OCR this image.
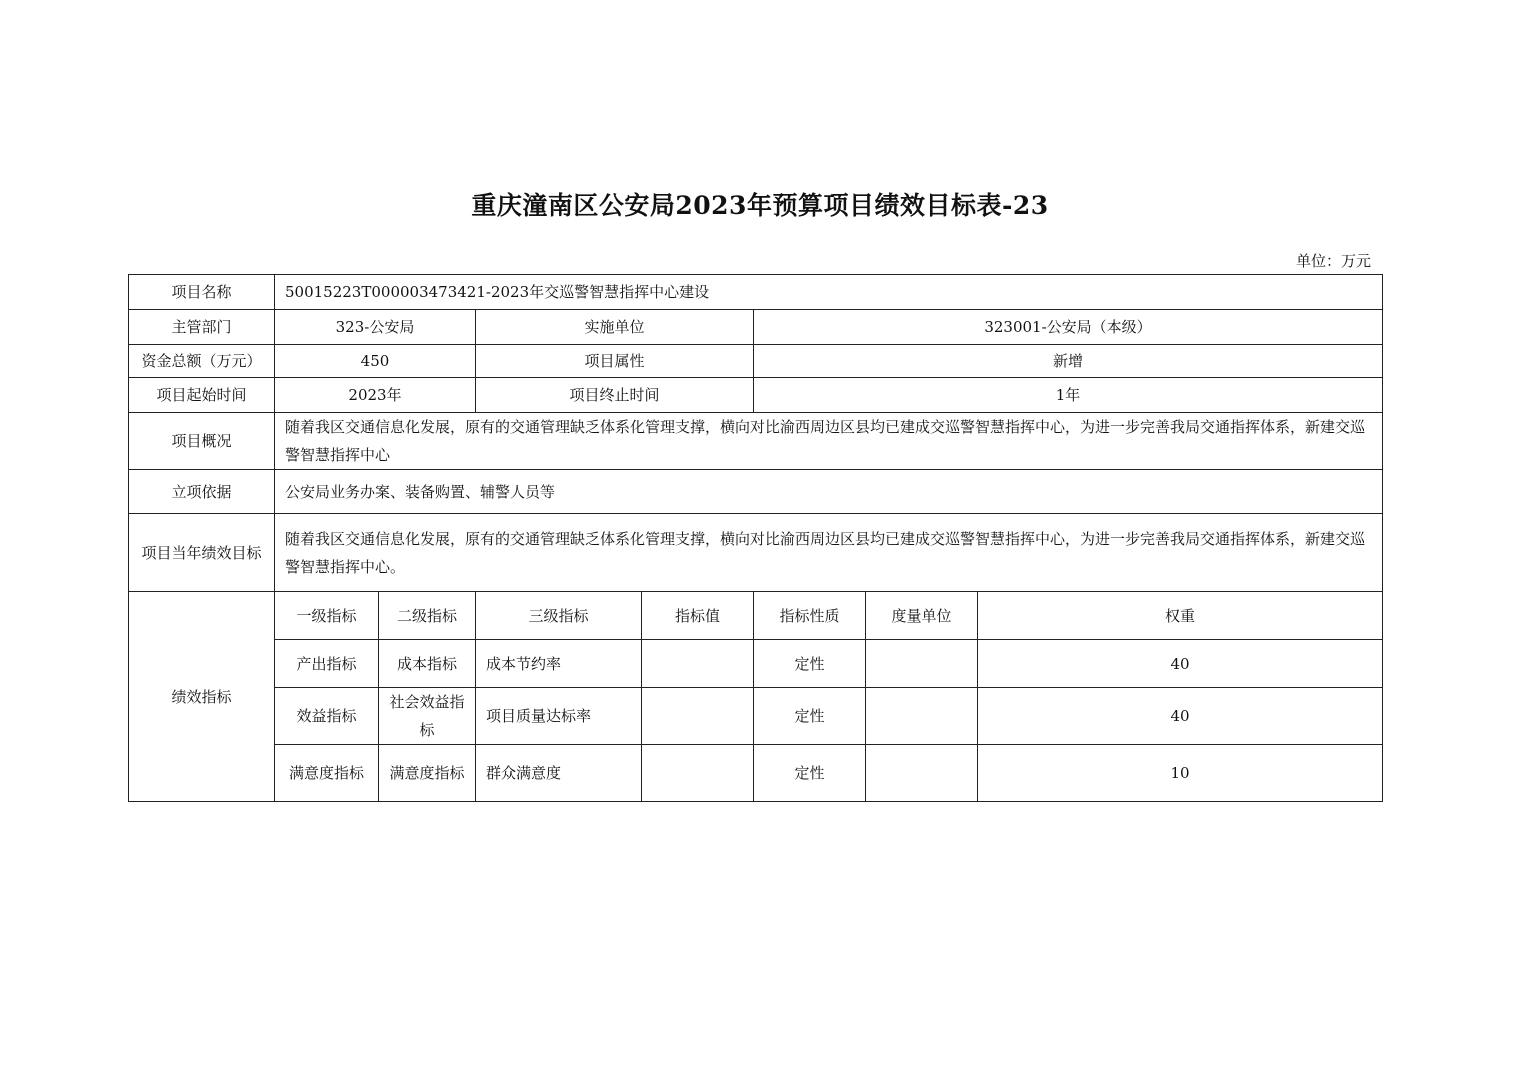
重庆潼南区公安局2023年预算项目绩效目标表-23
单位：万元
项目名称	50015223T000003473421-2023年交巡警智慧指挥中心建设						
主管部门	323-公安局		实施单位		323001-公安局（本级）		
资金总额（万元）	450		项目属性		新增		
项目起始时间	2023年		项目终止时间		1年		
项目概况	随着我区交通信息化发展，原有的交通管理缺乏体系化管理支撑，横向对比渝西周边区县均已建成交巡警智慧指挥中心，为进一步完善我局交通指挥体系，新建交巡警智慧指挥中心						
立项依据	公安局业务办案、装备购置、辅警人员等						
项目当年绩效目标	随着我区交通信息化发展，原有的交通管理缺乏体系化管理支撑，横向对比渝西周边区县均已建成交巡警智慧指挥中心，为进一步完善我局交通指挥体系，新建交巡警智慧指挥中心。						
绩效指标	一级指标	二级指标	三级指标	指标值	指标性质	度量单位	权重
	产出指标	成本指标	成本节约率		定性		40
	效益指标	社会效益指标	项目质量达标率		定性		40
	满意度指标	满意度指标	群众满意度		定性		10
